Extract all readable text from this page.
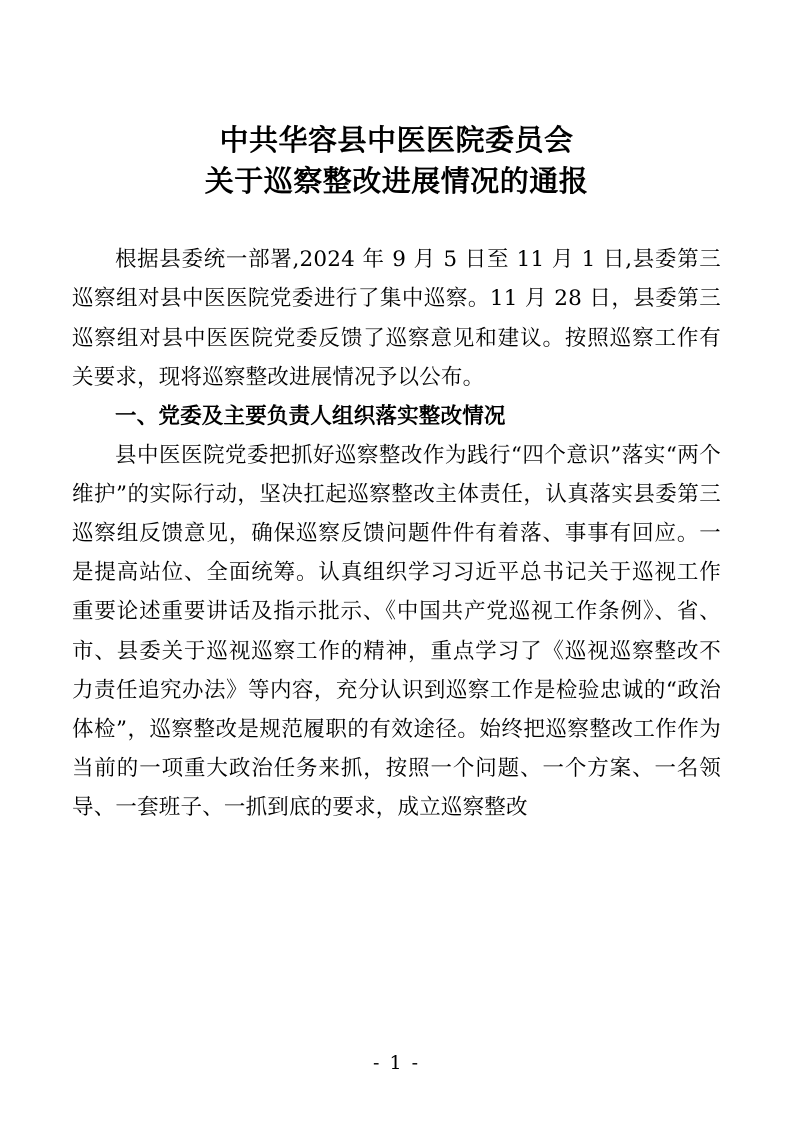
中共华容县中医医院委员会
关于巡察整改进展情况的通报

根据县委统一部署,2024 年 9 月 5 日至 11 月 1 日,县委第三巡察组对县中医医院党委进行了集中巡察。11 月 28 日，县委第三巡察组对县中医医院党委反馈了巡察意见和建议。按照巡察工作有关要求，现将巡察整改进展情况予以公布。

一、党委及主要负责人组织落实整改情况

县中医医院党委把抓好巡察整改作为践行“四个意识”落实“两个维护”的实际行动，坚决扛起巡察整改主体责任，认真落实县委第三巡察组反馈意见，确保巡察反馈问题件件有着落、事事有回应。一是提高站位、全面统筹。认真组织学习习近平总书记关于巡视工作重要论述重要讲话及指示批示、《中国共产党巡视工作条例》、省、市、县委关于巡视巡察工作的精神，重点学习了《巡视巡察整改不力责任追究办法》等内容，充分认识到巡察工作是检验忠诚的“政治体检”，巡察整改是规范履职的有效途径。始终把巡察整改工作作为当前的一项重大政治任务来抓，按照一个问题、一个方案、一名领导、一套班子、一抓到底的要求，成立巡察整改

- 1 -
